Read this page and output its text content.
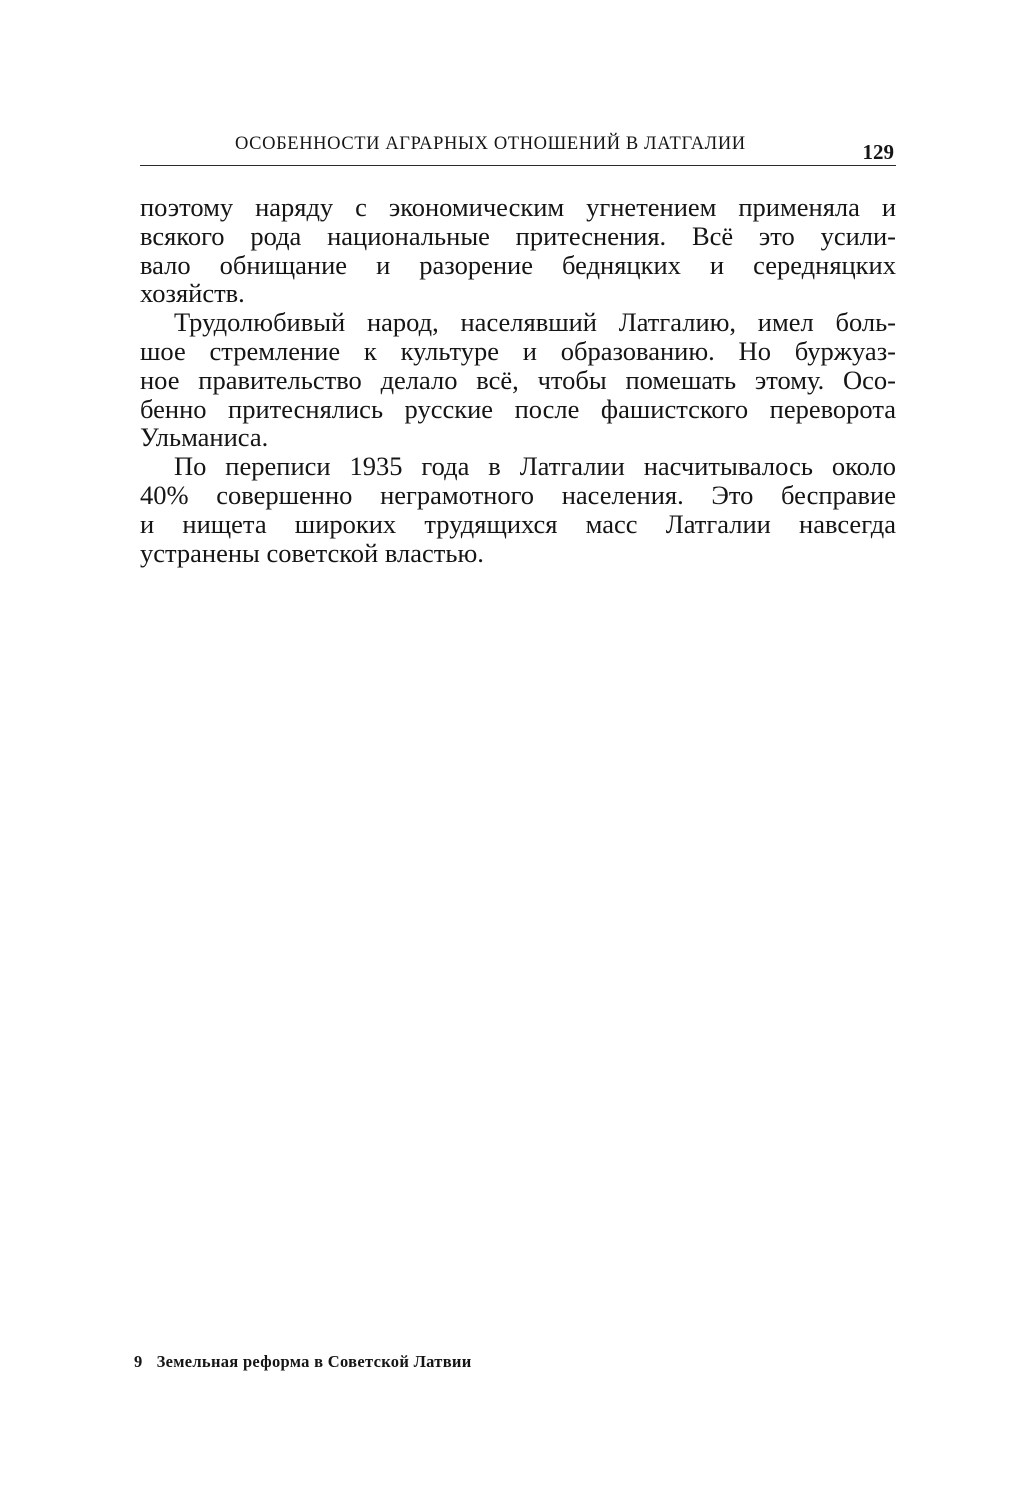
ОСОБЕННОСТИ АГРАРНЫХ ОТНОШЕНИЙ В ЛАТГАЛИИ	129

поэтому наряду с экономическим угнетением применяла и
всякого рода национальные притеснения. Всё это усили-
вало обнищание и разорение бедняцких и середняцких
хозяйств.

Трудолюбивый народ, населявший Латгалию, имел боль-
шое стремление к культуре и образованию. Но буржуаз-
ное правительство делало всё, чтобы помешать этому. Осо-
бенно притеснялись русские после фашистского переворота
Ульманиса.

По переписи 1935 года в Латгалии насчитывалось около
40% совершенно неграмотного населения. Это бесправие
и нищета широких трудящихся масс Латгалии навсегда
устранены советской властью.

9 Земельная реформа в Советской Латвии
